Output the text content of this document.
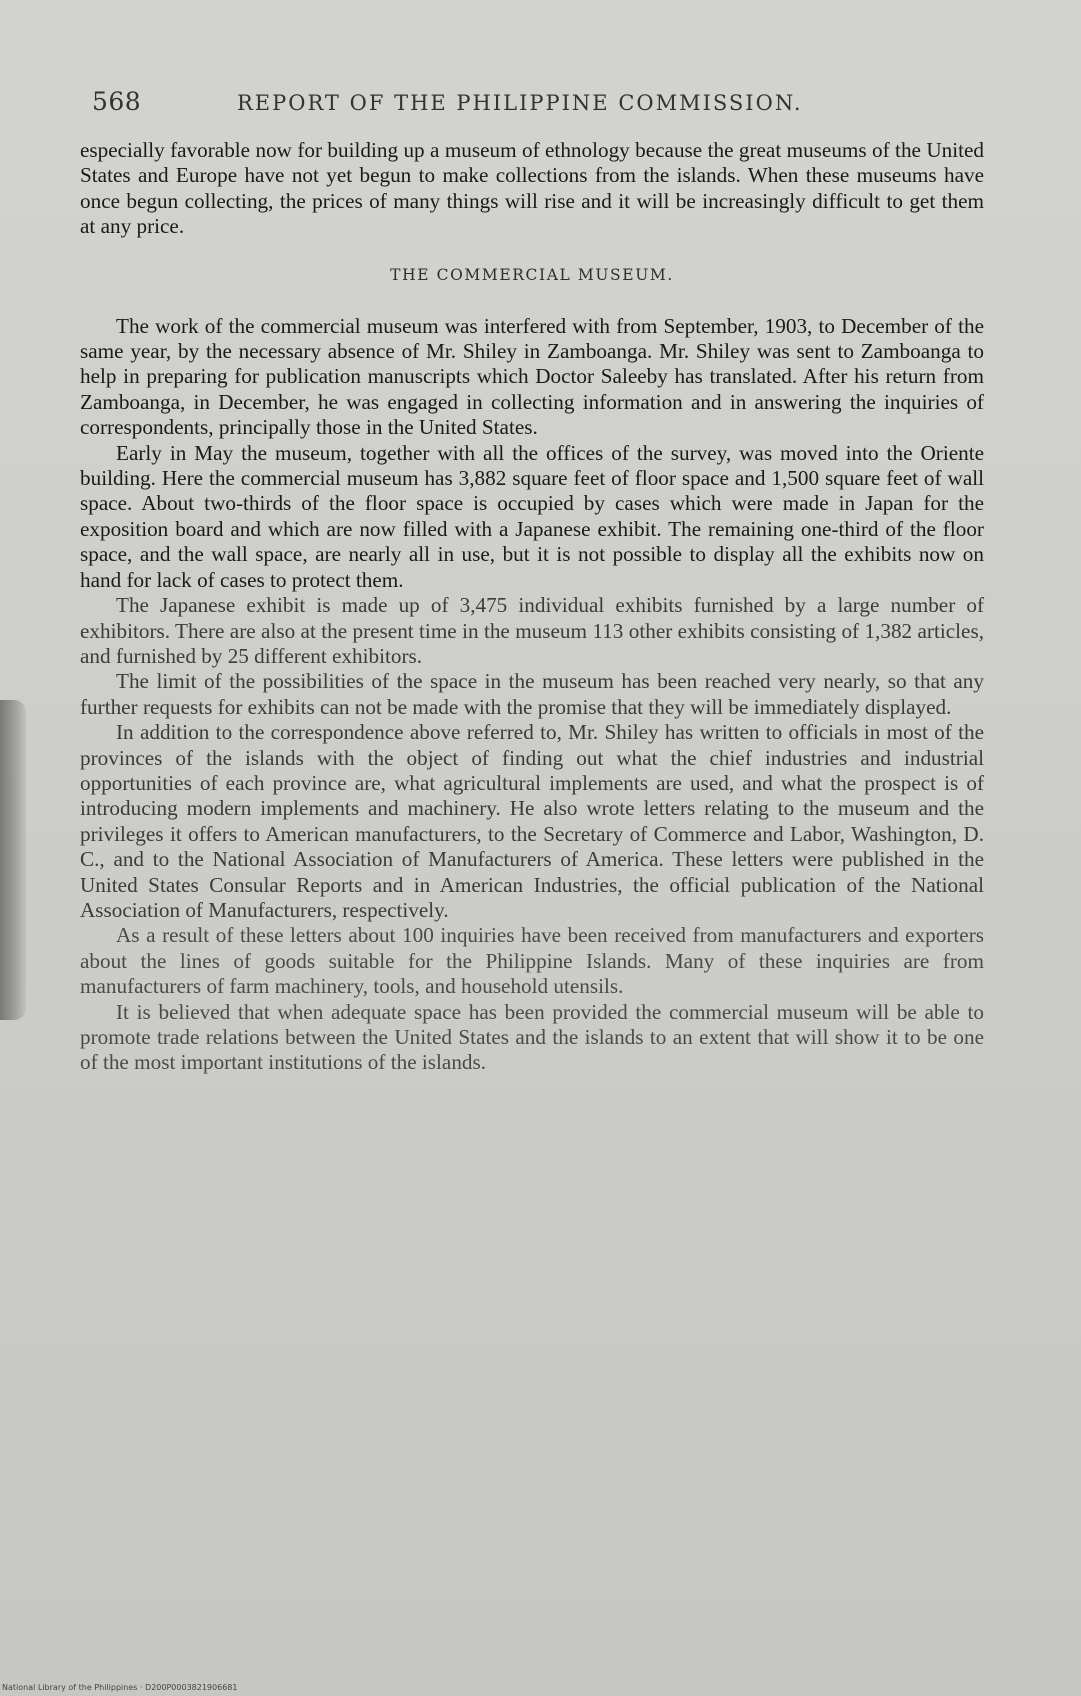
568	REPORT OF THE PHILIPPINE COMMISSION.

especially favorable now for building up a museum of ethnology because the great museums of the United States and Europe have not yet begun to make collections from the islands. When these museums have once begun collecting, the prices of many things will rise and it will be increasingly difficult to get them at any price.

THE COMMERCIAL MUSEUM.

The work of the commercial museum was interfered with from September, 1903, to December of the same year, by the necessary absence of Mr. Shiley in Zamboanga. Mr. Shiley was sent to Zamboanga to help in preparing for publication manuscripts which Doctor Saleeby has translated. After his return from Zamboanga, in December, he was engaged in collecting information and in answering the inquiries of correspondents, principally those in the United States.

Early in May the museum, together with all the offices of the survey, was moved into the Oriente building. Here the commercial museum has 3,882 square feet of floor space and 1,500 square feet of wall space. About two-thirds of the floor space is occupied by cases which were made in Japan for the exposition board and which are now filled with a Japanese exhibit. The remaining one-third of the floor space, and the wall space, are nearly all in use, but it is not possible to display all the exhibits now on hand for lack of cases to protect them.

The Japanese exhibit is made up of 3,475 individual exhibits furnished by a large number of exhibitors. There are also at the present time in the museum 113 other exhibits consisting of 1,382 articles, and furnished by 25 different exhibitors.

The limit of the possibilities of the space in the museum has been reached very nearly, so that any further requests for exhibits can not be made with the promise that they will be immediately displayed.

In addition to the correspondence above referred to, Mr. Shiley has written to officials in most of the provinces of the islands with the object of finding out what the chief industries and industrial opportunities of each province are, what agricultural implements are used, and what the prospect is of introducing modern implements and machinery. He also wrote letters relating to the museum and the privileges it offers to American manufacturers, to the Secretary of Commerce and Labor, Washington, D. C., and to the National Association of Manufacturers of America. These letters were published in the United States Consular Reports and in American Industries, the official publication of the National Association of Manufacturers, respectively.

As a result of these letters about 100 inquiries have been received from manufacturers and exporters about the lines of goods suitable for the Philippine Islands. Many of these inquiries are from manufacturers of farm machinery, tools, and household utensils.

It is believed that when adequate space has been provided the commercial museum will be able to promote trade relations between the United States and the islands to an extent that will show it to be one of the most important institutions of the islands.

National Library of the Philippines · D200P0003821906681
